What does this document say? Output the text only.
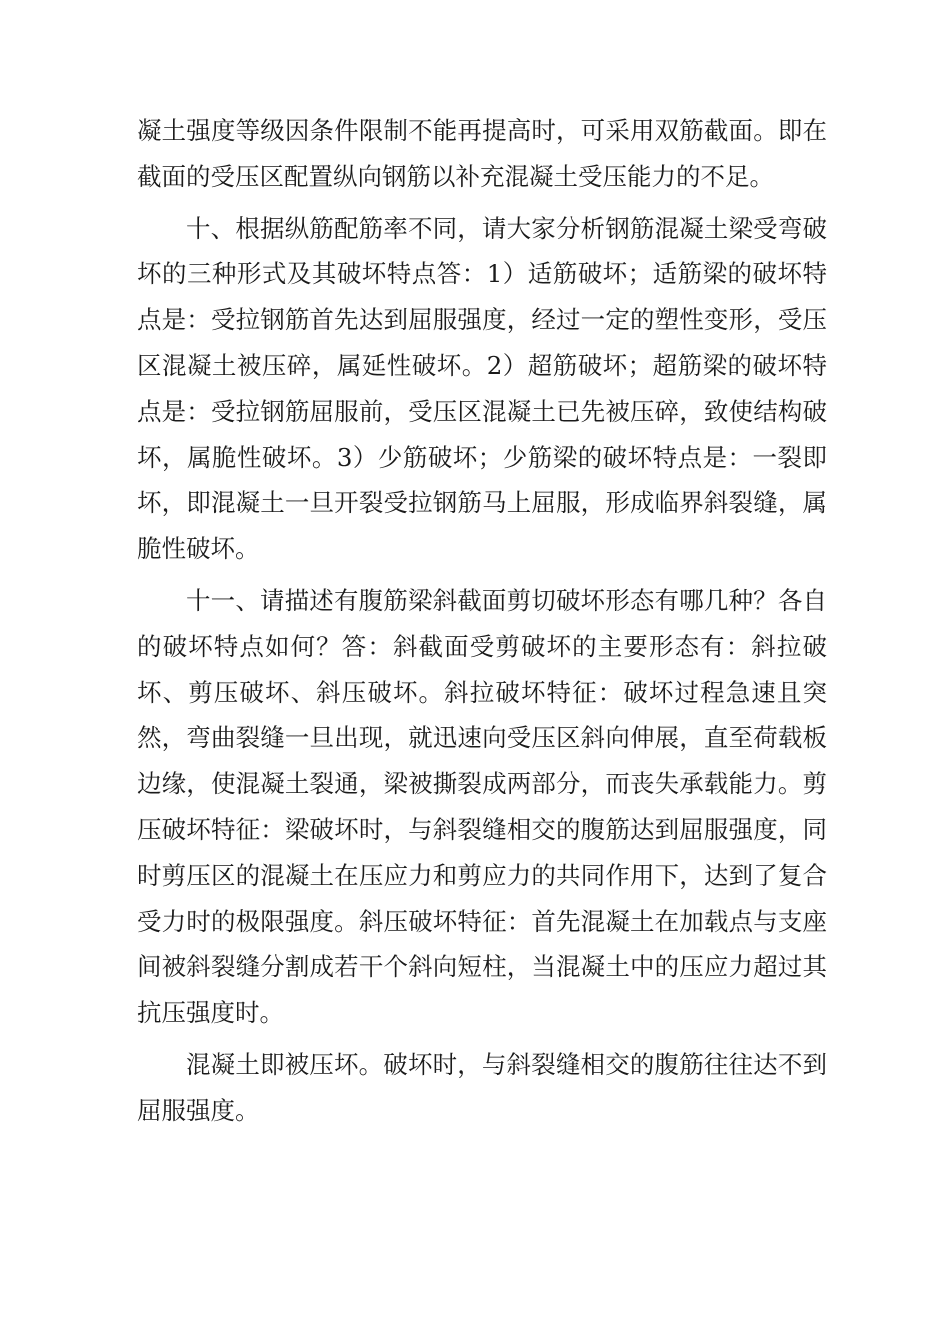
凝土强度等级因条件限制不能再提高时，可采用双筋截面。即在截面的受压区配置纵向钢筋以补充混凝土受压能力的不足。

十、根据纵筋配筋率不同，请大家分析钢筋混凝土梁受弯破坏的三种形式及其破坏特点答：1）适筋破坏；适筋梁的破坏特点是：受拉钢筋首先达到屈服强度，经过一定的塑性变形，受压区混凝土被压碎，属延性破坏。2）超筋破坏；超筋梁的破坏特点是：受拉钢筋屈服前，受压区混凝土已先被压碎，致使结构破坏，属脆性破坏。3）少筋破坏；少筋梁的破坏特点是：一裂即坏，即混凝土一旦开裂受拉钢筋马上屈服，形成临界斜裂缝，属脆性破坏。

十一、请描述有腹筋梁斜截面剪切破坏形态有哪几种？各自的破坏特点如何？答：斜截面受剪破坏的主要形态有：斜拉破坏、剪压破坏、斜压破坏。斜拉破坏特征：破坏过程急速且突然，弯曲裂缝一旦出现，就迅速向受压区斜向伸展，直至荷载板边缘，使混凝土裂通，梁被撕裂成两部分，而丧失承载能力。剪压破坏特征：梁破坏时，与斜裂缝相交的腹筋达到屈服强度，同时剪压区的混凝土在压应力和剪应力的共同作用下，达到了复合受力时的极限强度。斜压破坏特征：首先混凝土在加载点与支座间被斜裂缝分割成若干个斜向短柱，当混凝土中的压应力超过其抗压强度时。

混凝土即被压坏。破坏时，与斜裂缝相交的腹筋往往达不到屈服强度。
